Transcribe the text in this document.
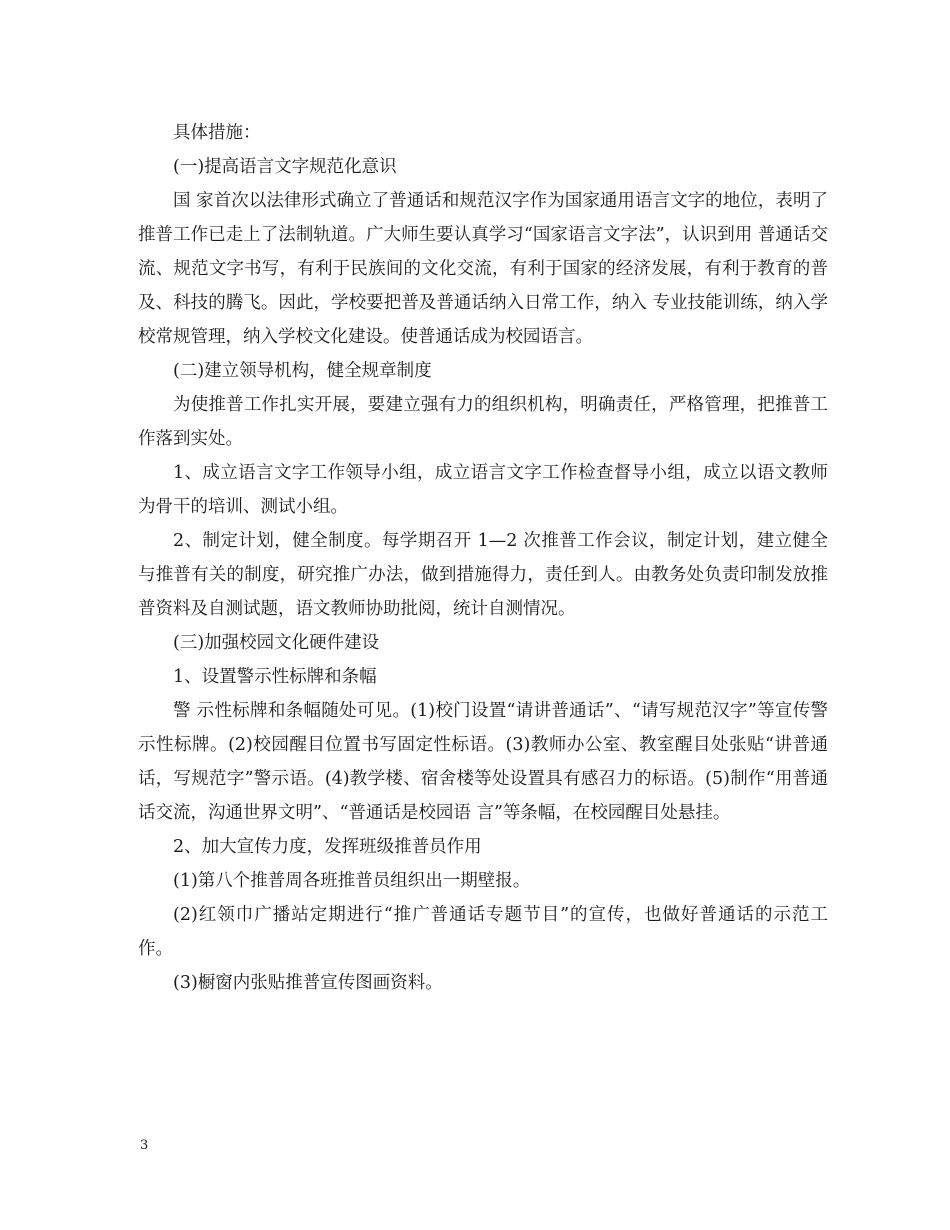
具体措施：

(一)提高语言文字规范化意识

国 家首次以法律形式确立了普通话和规范汉字作为国家通用语言文字的地位，表明了推普工作已走上了法制轨道。广大师生要认真学习“国家语言文字法”，认识到用 普通话交流、规范文字书写，有利于民族间的文化交流，有利于国家的经济发展，有利于教育的普及、科技的腾飞。因此，学校要把普及普通话纳入日常工作，纳入 专业技能训练，纳入学校常规管理，纳入学校文化建设。使普通话成为校园语言。

(二)建立领导机构，健全规章制度

为使推普工作扎实开展，要建立强有力的组织机构，明确责任，严格管理，把推普工作落到实处。

1、成立语言文字工作领导小组，成立语言文字工作检查督导小组，成立以语文教师为骨干的培训、测试小组。

2、制定计划，健全制度。每学期召开 1—2 次推普工作会议，制定计划，建立健全与推普有关的制度，研究推广办法，做到措施得力，责任到人。由教务处负责印制发放推普资料及自测试题，语文教师协助批阅，统计自测情况。

(三)加强校园文化硬件建设

1、设置警示性标牌和条幅

警 示性标牌和条幅随处可见。(1)校门设置“请讲普通话”、“请写规范汉字”等宣传警示性标牌。(2)校园醒目位置书写固定性标语。(3)教师办公室、教室醒目处张贴“讲普通话，写规范字”警示语。(4)教学楼、宿舍楼等处设置具有感召力的标语。(5)制作“用普通话交流，沟通世界文明”、“普通话是校园语 言”等条幅，在校园醒目处悬挂。

2、加大宣传力度，发挥班级推普员作用

(1)第八个推普周各班推普员组织出一期壁报。

(2)红领巾广播站定期进行“推广普通话专题节目”的宣传，也做好普通话的示范工作。

(3)橱窗内张贴推普宣传图画资料。

3
